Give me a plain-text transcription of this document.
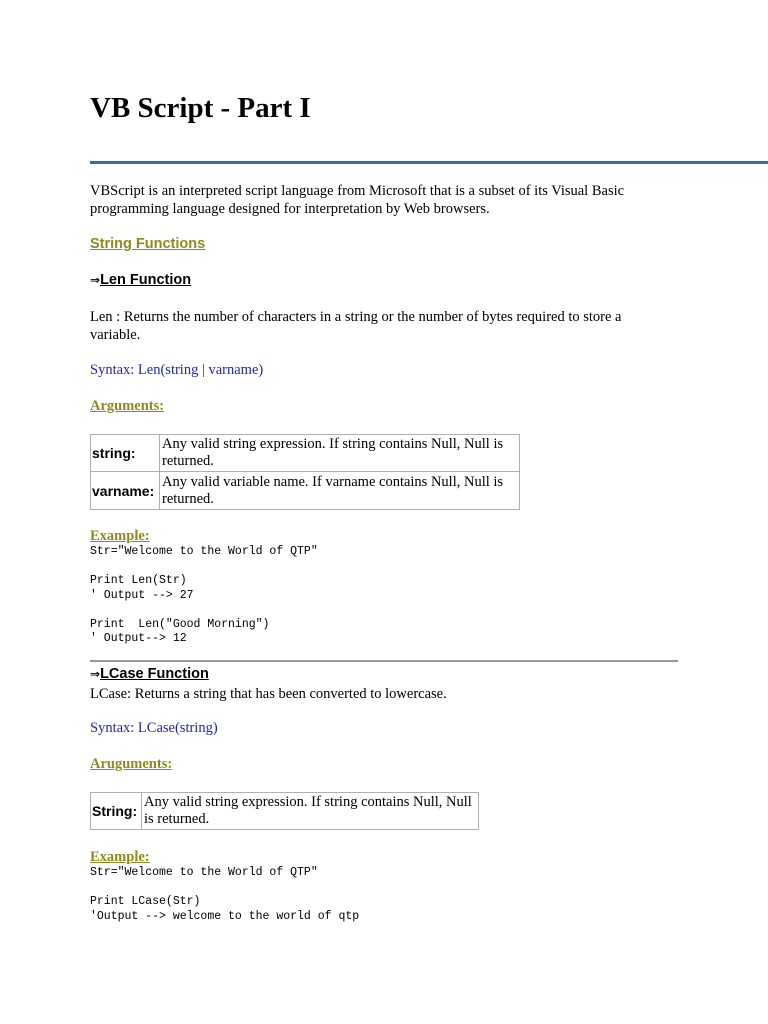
VB Script - Part I

VBScript is an interpreted script language from Microsoft that is a subset of its Visual Basic programming language designed for interpretation by Web browsers.

String Functions

⇒Len Function

Len : Returns the number of characters in a string or the number of bytes required to store a variable.

Syntax: Len(string | varname)

Arguments:

string:	Any valid string expression. If string contains Null, Null is returned.
varname:	Any valid variable name. If varname contains Null, Null is returned.

Example:

Str="Welcome to the World of QTP"

Print Len(Str)
' Output --> 27

Print  Len("Good Morning")
' Output--> 12

⇒LCase Function

LCase: Returns a string that has been converted to lowercase.

Syntax: LCase(string)

Aruguments:

String:	Any valid string expression. If string contains Null, Null is returned.

Example:

Str="Welcome to the World of QTP"

Print LCase(Str)
'Output --> welcome to the world of qtp
